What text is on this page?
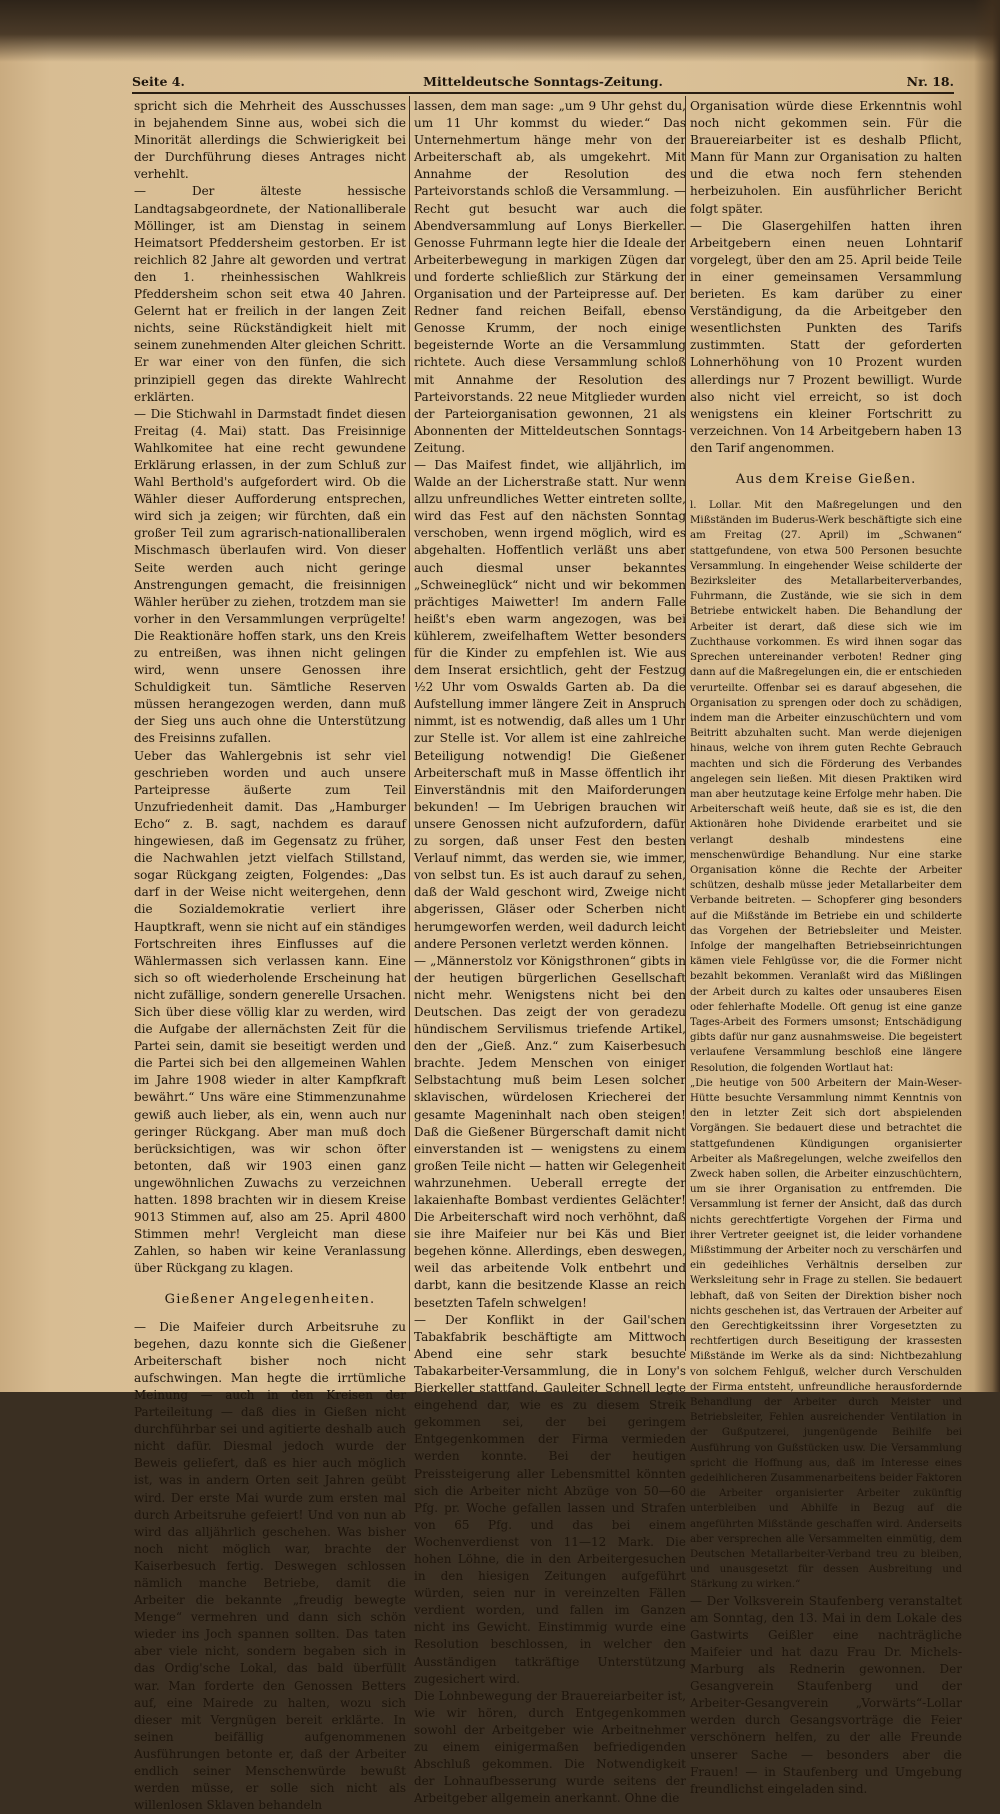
Mitteldeutsche Sonntags-Zeitung.
Seite 4.	Nr. 18.

spricht sich die Mehrheit des Ausschusses in bejahendem Sinne aus, wobei sich die Minorität allerdings die Schwierigkeit bei der Durchführung dieses Antrages nicht verhehlt.

— Der älteste hessische Landtagsabgeordnete, der Nationalliberale Möllinger, ist am Dienstag in seinem Heimatsort Pfeddersheim gestorben. Er ist reichlich 82 Jahre alt geworden und vertrat den 1. rheinhessischen Wahlkreis Pfeddersheim schon seit etwa 40 Jahren. Gelernt hat er freilich in der langen Zeit nichts, seine Rückständigkeit hielt mit seinem zunehmenden Alter gleichen Schritt. Er war einer von den fünfen, die sich prinzipiell gegen das direkte Wahlrecht erklärten.

— Die Stichwahl in Darmstadt findet diesen Freitag (4. Mai) statt. Das Freisinnige Wahlkomitee hat eine recht gewundene Erklärung erlassen, in der zum Schluß zur Wahl Berthold's aufgefordert wird. Ob die Wähler dieser Aufforderung entsprechen, wird sich ja zeigen; wir fürchten, daß ein großer Teil zum agrarisch-nationalliberalen Mischmasch überlaufen wird. Von dieser Seite werden auch nicht geringe Anstrengungen gemacht, die freisinnigen Wähler herüber zu ziehen, trotzdem man sie vorher in den Versammlungen verprügelte! Die Reaktionäre hoffen stark, uns den Kreis zu entreißen, was ihnen nicht gelingen wird, wenn unsere Genossen ihre Schuldigkeit tun. Sämtliche Reserven müssen herangezogen werden, dann muß der Sieg uns auch ohne die Unterstützung des Freisinns zufallen.

Ueber das Wahlergebnis ist sehr viel geschrieben worden und auch unsere Parteipresse äußerte zum Teil Unzufriedenheit damit. Das „Hamburger Echo“ z. B. sagt, nachdem es darauf hingewiesen, daß im Gegensatz zu früher, die Nachwahlen jetzt vielfach Stillstand, sogar Rückgang zeigten, Folgendes: „Das darf in der Weise nicht weitergehen, denn die Sozialdemokratie verliert ihre Hauptkraft, wenn sie nicht auf ein ständiges Fortschreiten ihres Einflusses auf die Wählermassen sich verlassen kann. Eine sich so oft wiederholende Erscheinung hat nicht zufällige, sondern generelle Ursachen. Sich über diese völlig klar zu werden, wird die Aufgabe der allernächsten Zeit für die Partei sein, damit sie beseitigt werden und die Partei sich bei den allgemeinen Wahlen im Jahre 1908 wieder in alter Kampfkraft bewährt.“ Uns wäre eine Stimmenzunahme gewiß auch lieber, als ein, wenn auch nur geringer Rückgang. Aber man muß doch berücksichtigen, was wir schon öfter betonten, daß wir 1903 einen ganz ungewöhnlichen Zuwachs zu verzeichnen hatten. 1898 brachten wir in diesem Kreise 9013 Stimmen auf, also am 25. April 4800 Stimmen mehr! Vergleicht man diese Zahlen, so haben wir keine Veranlassung über Rückgang zu klagen.

Gießener Angelegenheiten.

— Die Maifeier durch Arbeitsruhe zu begehen, dazu konnte sich die Gießener Arbeiterschaft bisher noch nicht aufschwingen. Man hegte die irrtümliche Meinung — auch in den Kreisen der Parteileitung — daß dies in Gießen nicht durchführbar sei und agitierte deshalb auch nicht dafür. Diesmal jedoch wurde der Beweis geliefert, daß es hier auch möglich ist, was in andern Orten seit Jahren geübt wird. Der erste Mai wurde zum ersten mal durch Arbeitsruhe gefeiert! Und von nun ab wird das alljährlich geschehen. Was bisher noch nicht möglich war, brachte der Kaiserbesuch fertig. Deswegen schlossen nämlich manche Betriebe, damit die Arbeiter die bekannte „freudig bewegte Menge“ vermehren und dann sich schön wieder ins Joch spannen sollten. Das taten aber viele nicht, sondern begaben sich in das Ordig'sche Lokal, das bald überfüllt war. Man forderte den Genossen Betters auf, eine Mairede zu halten, wozu sich dieser mit Vergnügen bereit erklärte. In seinen beifällig aufgenommenen Ausführungen betonte er, daß der Arbeiter endlich seiner Menschenwürde bewußt werden müsse, er solle sich nicht als willenlosen Sklaven behandeln

lassen, dem man sage: „um 9 Uhr gehst du, um 11 Uhr kommst du wieder.“ Das Unternehmertum hänge mehr von der Arbeiterschaft ab, als umgekehrt. Mit Annahme der Resolution des Parteivorstands schloß die Versammlung. — Recht gut besucht war auch die Abendversammlung auf Lonys Bierkeller. Genosse Fuhrmann legte hier die Ideale der Arbeiterbewegung in markigen Zügen dar und forderte schließlich zur Stärkung der Organisation und der Parteipresse auf. Der Redner fand reichen Beifall, ebenso Genosse Krumm, der noch einige begeisternde Worte an die Versammlung richtete. Auch diese Versammlung schloß mit Annahme der Resolution des Parteivorstands. 22 neue Mitglieder wurden der Parteiorganisation gewonnen, 21 als Abonnenten der Mitteldeutschen Sonntags-Zeitung.

— Das Maifest findet, wie alljährlich, im Walde an der Licherstraße statt. Nur wenn allzu unfreundliches Wetter eintreten sollte, wird das Fest auf den nächsten Sonntag verschoben, wenn irgend möglich, wird es abgehalten. Hoffentlich verläßt uns aber auch diesmal unser bekanntes „Schweineglück“ nicht und wir bekommen prächtiges Maiwetter! Im andern Falle heißt's eben warm angezogen, was bei kühlerem, zweifelhaftem Wetter besonders für die Kinder zu empfehlen ist. Wie aus dem Inserat ersichtlich, geht der Festzug ½2 Uhr vom Oswalds Garten ab. Da die Aufstellung immer längere Zeit in Anspruch nimmt, ist es notwendig, daß alles um 1 Uhr zur Stelle ist. Vor allem ist eine zahlreiche Beteiligung notwendig! Die Gießener Arbeiterschaft muß in Masse öffentlich ihr Einverständnis mit den Maiforderungen bekunden! — Im Uebrigen brauchen wir unsere Genossen nicht aufzufordern, dafür zu sorgen, daß unser Fest den besten Verlauf nimmt, das werden sie, wie immer, von selbst tun. Es ist auch darauf zu sehen, daß der Wald geschont wird, Zweige nicht abgerissen, Gläser oder Scherben nicht herumgeworfen werden, weil dadurch leicht andere Personen verletzt werden können.

— „Männerstolz vor Königsthronen“ gibts in der heutigen bürgerlichen Gesellschaft nicht mehr. Wenigstens nicht bei den Deutschen. Das zeigt der von geradezu hündischem Servilismus triefende Artikel, den der „Gieß. Anz.“ zum Kaiserbesuch brachte. Jedem Menschen von einiger Selbstachtung muß beim Lesen solcher sklavischen, würdelosen Kriecherei der gesamte Mageninhalt nach oben steigen! Daß die Gießener Bürgerschaft damit nicht einverstanden ist — wenigstens zu einem großen Teile nicht — hatten wir Gelegenheit wahrzunehmen. Ueberall erregte der lakaienhafte Bombast verdientes Gelächter! Die Arbeiterschaft wird noch verhöhnt, daß sie ihre Maifeier nur bei Käs und Bier begehen könne. Allerdings, eben deswegen, weil das arbeitende Volk entbehrt und darbt, kann die besitzende Klasse an reich besetzten Tafeln schwelgen!

— Der Konflikt in der Gail'schen Tabakfabrik beschäftigte am Mittwoch Abend eine sehr stark besuchte Tabakarbeiter-Versammlung, die in Lony's Bierkeller stattfand. Gauleiter Schnell legte eingehend dar, wie es zu diesem Streik gekommen sei, der bei geringem Entgegenkommen der Firma vermieden werden konnte. Bei der heutigen Preissteigerung aller Lebensmittel könnten sich die Arbeiter nicht Abzüge von 50—60 Pfg. pr. Woche gefallen lassen und Strafen von 65 Pfg. und das bei einem Wochenverdienst von 11—12 Mark. Die hohen Löhne, die in den Arbeitergesuchen in den hiesigen Zeitungen aufgeführt würden, seien nur in vereinzelten Fällen verdient worden, und fallen im Ganzen nicht ins Gewicht. Einstimmig wurde eine Resolution beschlossen, in welcher den Ausständigen tatkräftige Unterstützung zugesichert wird.

Die Lohnbewegung der Brauereiarbeiter ist, wie wir hören, durch Entgegenkommen sowohl der Arbeitgeber wie Arbeitnehmer zu einem einigermaßen befriedigenden Abschluß gekommen. Die Notwendigkeit der Lohnaufbesserung wurde seitens der Arbeitgeber allgemein anerkannt. Ohne die

Organisation würde diese Erkenntnis wohl noch nicht gekommen sein. Für die Brauereiarbeiter ist es deshalb Pflicht, Mann für Mann zur Organisation zu halten und die etwa noch fern stehenden herbeizuholen. Ein ausführlicher Bericht folgt später.

— Die Glasergehilfen hatten ihren Arbeitgebern einen neuen Lohntarif vorgelegt, über den am 25. April beide Teile in einer gemeinsamen Versammlung berieten. Es kam darüber zu einer Verständigung, da die Arbeitgeber den wesentlichsten Punkten des Tarifs zustimmten. Statt der geforderten Lohnerhöhung von 10 Prozent wurden allerdings nur 7 Prozent bewilligt. Wurde also nicht viel erreicht, so ist doch wenigstens ein kleiner Fortschritt zu verzeichnen. Von 14 Arbeitgebern haben 13 den Tarif angenommen.

Aus dem Kreise Gießen.

l. Lollar. Mit den Maßregelungen und den Mißständen im Buderus-Werk beschäftigte sich eine am Freitag (27. April) im „Schwanen“ stattgefundene, von etwa 500 Personen besuchte Versammlung. In eingehender Weise schilderte der Bezirksleiter des Metallarbeiterverbandes, Fuhrmann, die Zustände, wie sie sich in dem Betriebe entwickelt haben. Die Behandlung der Arbeiter ist derart, daß diese sich wie im Zuchthause vorkommen. Es wird ihnen sogar das Sprechen untereinander verboten! Redner ging dann auf die Maßregelungen ein, die er entschieden verurteilte. Offenbar sei es darauf abgesehen, die Organisation zu sprengen oder doch zu schädigen, indem man die Arbeiter einzuschüchtern und vom Beitritt abzuhalten sucht. Man werde diejenigen hinaus, welche von ihrem guten Rechte Gebrauch machten und sich die Förderung des Verbandes angelegen sein ließen. Mit diesen Praktiken wird man aber heutzutage keine Erfolge mehr haben. Die Arbeiterschaft weiß heute, daß sie es ist, die den Aktionären hohe Dividende erarbeitet und sie verlangt deshalb mindestens eine menschenwürdige Behandlung. Nur eine starke Organisation könne die Rechte der Arbeiter schützen, deshalb müsse jeder Metallarbeiter dem Verbande beitreten. — Schopferer ging besonders auf die Mißstände im Betriebe ein und schilderte das Vorgehen der Betriebsleiter und Meister. Infolge der mangelhaften Betriebseinrichtungen kämen viele Fehlgüsse vor, die die Former nicht bezahlt bekommen. Veranlaßt wird das Mißlingen der Arbeit durch zu kaltes oder unsauberes Eisen oder fehlerhafte Modelle. Oft genug ist eine ganze Tages-Arbeit des Formers umsonst; Entschädigung gibts dafür nur ganz ausnahmsweise. Die begeistert verlaufene Versammlung beschloß eine längere Resolution, die folgenden Wortlaut hat:

„Die heutige von 500 Arbeitern der Main-Weser-Hütte besuchte Versammlung nimmt Kenntnis von den in letzter Zeit sich dort abspielenden Vorgängen. Sie bedauert diese und betrachtet die stattgefundenen Kündigungen organisierter Arbeiter als Maßregelungen, welche zweifellos den Zweck haben sollen, die Arbeiter einzuschüchtern, um sie ihrer Organisation zu entfremden. Die Versammlung ist ferner der Ansicht, daß das durch nichts gerechtfertigte Vorgehen der Firma und ihrer Vertreter geeignet ist, die leider vorhandene Mißstimmung der Arbeiter noch zu verschärfen und ein gedeihliches Verhältnis derselben zur Werksleitung sehr in Frage zu stellen. Sie bedauert lebhaft, daß von Seiten der Direktion bisher noch nichts geschehen ist, das Vertrauen der Arbeiter auf den Gerechtigkeitssinn ihrer Vorgesetzten zu rechtfertigen durch Beseitigung der krassesten Mißstände im Werke als da sind: Nichtbezahlung von solchem Fehlguß, welcher durch Verschulden der Firma entsteht, unfreundliche herausfordernde Behandlung der Arbeiter durch Meister und Betriebsleiter, Fehlen ausreichender Ventilation in der Gußputzerei, jungenügende Beihilfe bei Ausführung von Gußstücken usw. Die Versammlung spricht die Hoffnung aus, daß im Interesse eines gedeihlicheren Zusammenarbeitens beider Faktoren die Arbeiter organisierter Arbeiter zukünftig unterbleiben und Abhilfe in Bezug auf die angeführten Mißstände geschaffen wird. Anderseits aber versprechen alle Versammelten einmütig, dem Deutschen Metallarbeiter-Verband treu zu bleiben, und unausgesetzt für dessen Ausbreitung und Stärkung zu wirken.“

— Der Volksverein Staufenberg veranstaltet am Sonntag, den 13. Mai in dem Lokale des Gastwirts Geißler eine nachträgliche Maifeier und hat dazu Frau Dr. Michels-Marburg als Rednerin gewonnen. Der Gesangverein Staufenberg und der Arbeiter-Gesangverein „Vorwärts“-Lollar werden durch Gesangsvorträge die Feier verschönern helfen, zu der alle Freunde unserer Sache — besonders aber die Frauen! — in Staufenberg und Umgebung freundlichst eingeladen sind.
